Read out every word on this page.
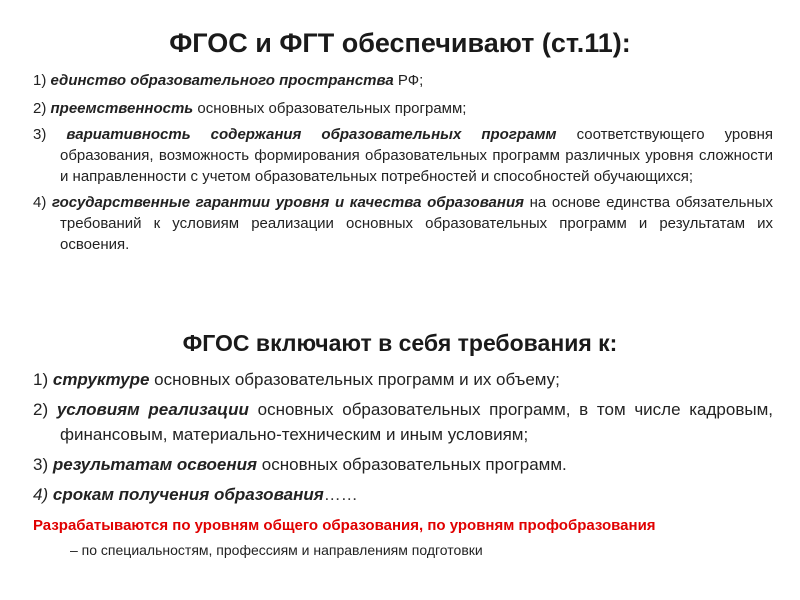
ФГОС и ФГТ обеспечивают (ст.11):
1) единство образовательного пространства РФ;
2) преемственность основных образовательных программ;
3) вариативность содержания образовательных программ соответствующего уровня образования, возможность формирования образовательных программ различных уровня сложности и направленности с учетом образовательных потребностей и способностей обучающихся;
4) государственные гарантии уровня и качества образования на основе единства обязательных требований к условиям реализации основных образовательных программ и результатам их освоения.
ФГОС включают в себя требования к:
1) структуре основных образовательных программ и их объему;
2) условиям реализации основных образовательных программ, в том числе кадровым, финансовым, материально-техническим и иным условиям;
3) результатам освоения основных образовательных программ.
4) срокам получения образования……
Разрабатываются по уровням общего образования, по уровням профобразования
– по специальностям, профессиям и направлениям подготовки
